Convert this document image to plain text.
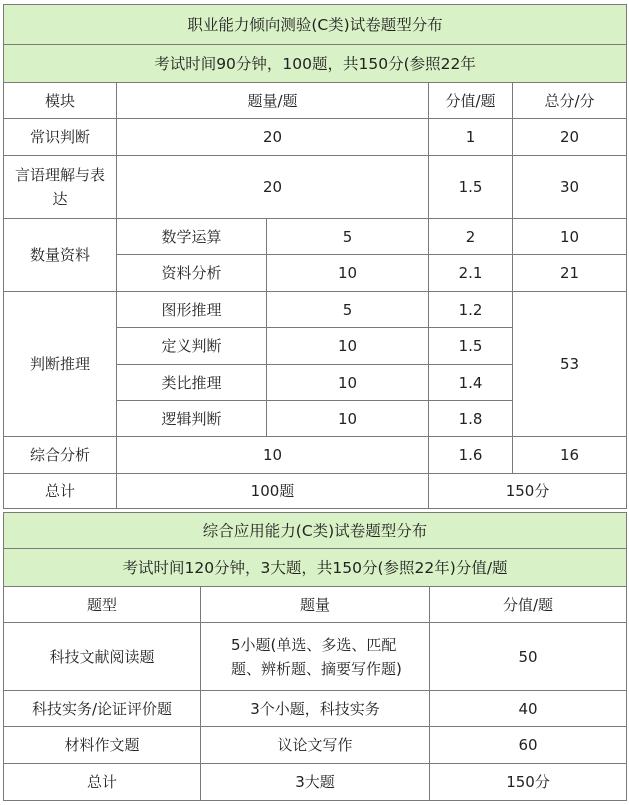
职业能力倾向测验(C类)试卷题型分布				
考试时间90分钟，100题，共150分(参照22年				
模块	题量/题		分值/题	总分/分
常识判断	20		1	20
言语理解与表达	20		1.5	30
数量资料	数学运算	5	2	10
	资料分析	10	2.1	21
判断推理	图形推理	5	1.2	53
	定义判断	10	1.5	
	类比推理	10	1.4	
	逻辑判断	10	1.8	
综合分析	10		1.6	16
总计	100题		150分	
综合应用能力(C类)试卷题型分布		
考试时间120分钟，3大题，共150分(参照22年)分值/题		
题型	题量	分值/题
科技文献阅读题	5小题(单选、多选、匹配题、辨析题、摘要写作题)	50
科技实务/论证评价题	3个小题，科技实务	40
材料作文题	议论文写作	60
总计	3大题	150分
